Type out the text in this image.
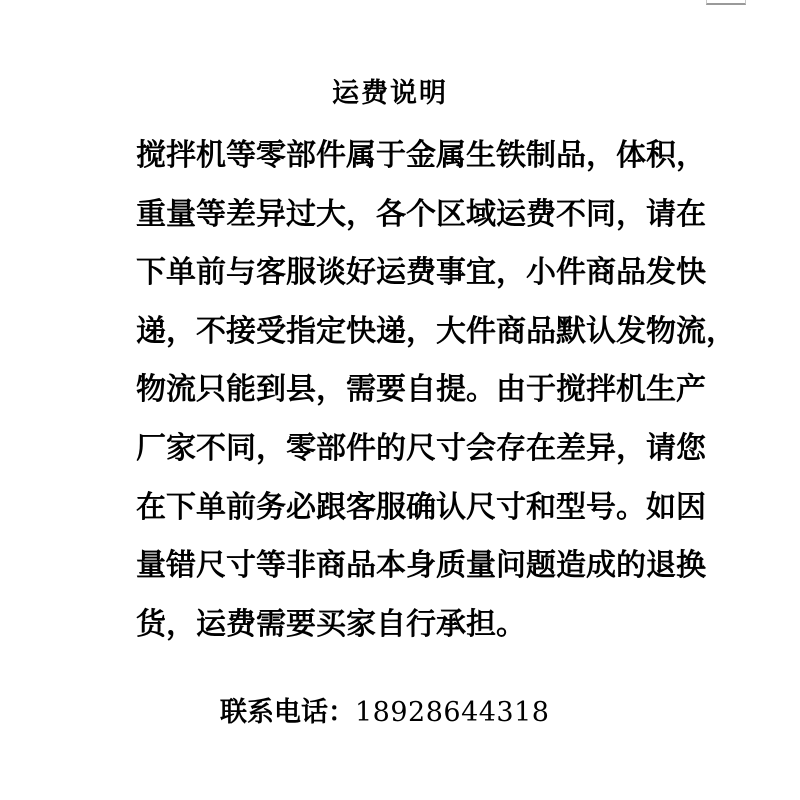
运费说明
搅拌机等零部件属于金属生铁制品，体积，
重量等差异过大，各个区域运费不同，请在
下单前与客服谈好运费事宜，小件商品发快
递，不接受指定快递，大件商品默认发物流，
物流只能到县，需要自提。由于搅拌机生产
厂家不同，零部件的尺寸会存在差异，请您
在下单前务必跟客服确认尺寸和型号。如因
量错尺寸等非商品本身质量问题造成的退换
货，运费需要买家自行承担。
联系电话：18928644318
